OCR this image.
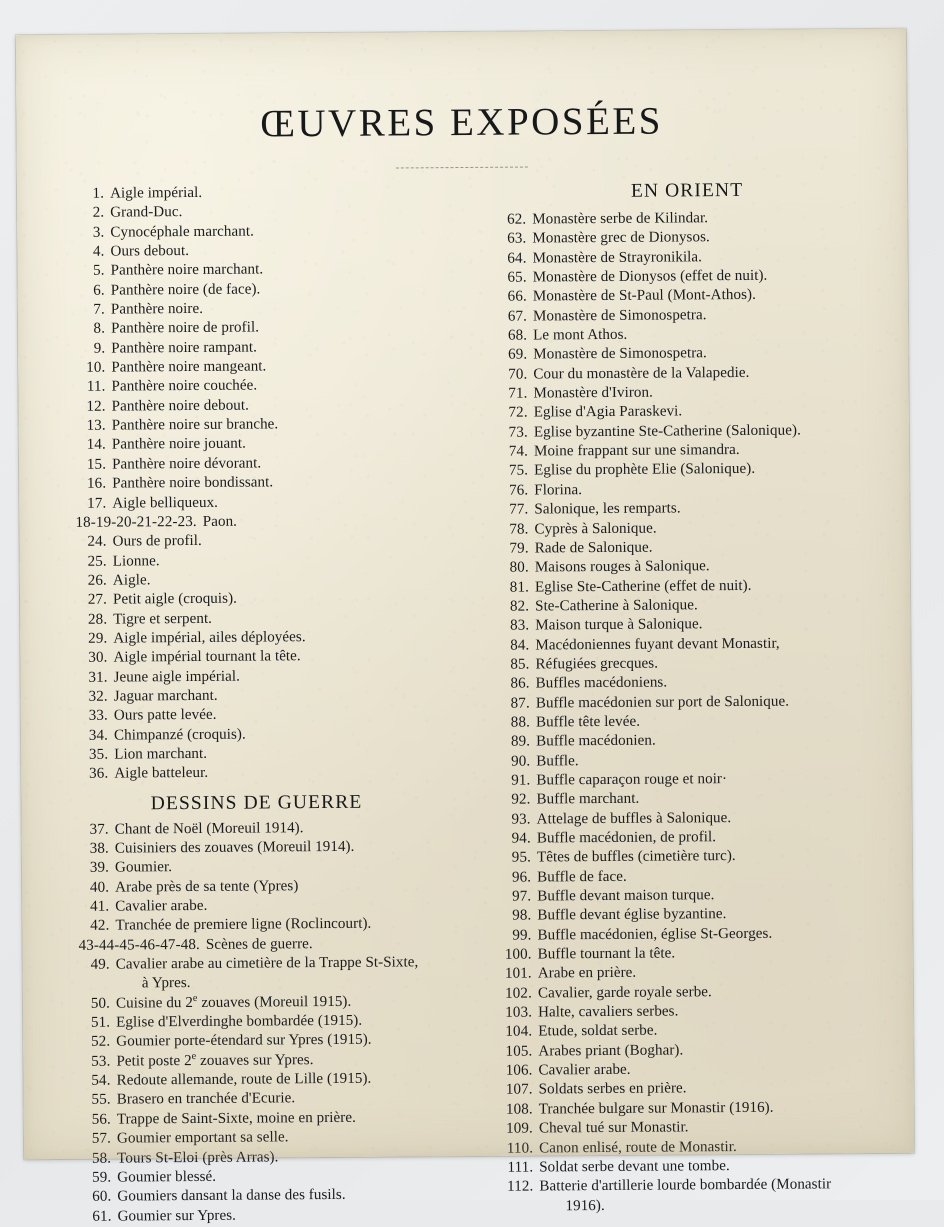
ŒUVRES EXPOSÉES
1. Aigle impérial.
2. Grand-Duc.
3. Cynocéphale marchant.
4. Ours debout.
5. Panthère noire marchant.
6. Panthère noire (de face).
7. Panthère noire.
8. Panthère noire de profil.
9. Panthère noire rampant.
10. Panthère noire mangeant.
11. Panthère noire couchée.
12. Panthère noire debout.
13. Panthère noire sur branche.
14. Panthère noire jouant.
15. Panthère noire dévorant.
16. Panthère noire bondissant.
17. Aigle belliqueux.
18-19-20-21-22-23. Paon.
24. Ours de profil.
25. Lionne.
26. Aigle.
27. Petit aigle (croquis).
28. Tigre et serpent.
29. Aigle impérial, ailes déployées.
30. Aigle impérial tournant la tête.
31. Jeune aigle impérial.
32. Jaguar marchant.
33. Ours patte levée.
34. Chimpanzé (croquis).
35. Lion marchant.
36. Aigle batteleur.
DESSINS DE GUERRE
37. Chant de Noël (Moreuil 1914).
38. Cuisiniers des zouaves (Moreuil 1914).
39. Goumier.
40. Arabe près de sa tente (Ypres)
41. Cavalier arabe.
42. Tranchée de premiere ligne (Roclincourt).
43-44-45-46-47-48. Scènes de guerre.
49. Cavalier arabe au cimetière de la Trappe St-Sixte,
à Ypres.
50. Cuisine du 2e zouaves (Moreuil 1915).
51. Eglise d'Elverdinghe bombardée (1915).
52. Goumier porte-étendard sur Ypres (1915).
53. Petit poste 2e zouaves sur Ypres.
54. Redoute allemande, route de Lille (1915).
55. Brasero en tranchée d'Ecurie.
56. Trappe de Saint-Sixte, moine en prière.
57. Goumier emportant sa selle.
58. Tours St-Eloi (près Arras).
59. Goumier blessé.
60. Goumiers dansant la danse des fusils.
61. Goumier sur Ypres.
EN ORIENT
62. Monastère serbe de Kilindar.
63. Monastère grec de Dionysos.
64. Monastère de Strayronikila.
65. Monastère de Dionysos (effet de nuit).
66. Monastère de St-Paul (Mont-Athos).
67. Monastère de Simonospetra.
68. Le mont Athos.
69. Monastère de Simonospetra.
70. Cour du monastère de la Valapedie.
71. Monastère d'Iviron.
72. Eglise d'Agia Paraskevi.
73. Eglise byzantine Ste-Catherine (Salonique).
74. Moine frappant sur une simandra.
75. Eglise du prophète Elie (Salonique).
76. Florina.
77. Salonique, les remparts.
78. Cyprès à Salonique.
79. Rade de Salonique.
80. Maisons rouges à Salonique.
81. Eglise Ste-Catherine (effet de nuit).
82. Ste-Catherine à Salonique.
83. Maison turque à Salonique.
84. Macédoniennes fuyant devant Monastir,
85. Réfugiées grecques.
86. Buffles macédoniens.
87. Buffle macédonien sur port de Salonique.
88. Buffle tête levée.
89. Buffle macédonien.
90. Buffle.
91. Buffle caparaçon rouge et noir·
92. Buffle marchant.
93. Attelage de buffles à Salonique.
94. Buffle macédonien, de profil.
95. Têtes de buffles (cimetière turc).
96. Buffle de face.
97. Buffle devant maison turque.
98. Buffle devant église byzantine.
99. Buffle macédonien, église St-Georges.
100. Buffle tournant la tête.
101. Arabe en prière.
102. Cavalier, garde royale serbe.
103. Halte, cavaliers serbes.
104. Etude, soldat serbe.
105. Arabes priant (Boghar).
106. Cavalier arabe.
107. Soldats serbes en prière.
108. Tranchée bulgare sur Monastir (1916).
109. Cheval tué sur Monastir.
110. Canon enlisé, route de Monastir.
111. Soldat serbe devant une tombe.
112. Batterie d'artillerie lourde bombardée (Monastir
1916).
